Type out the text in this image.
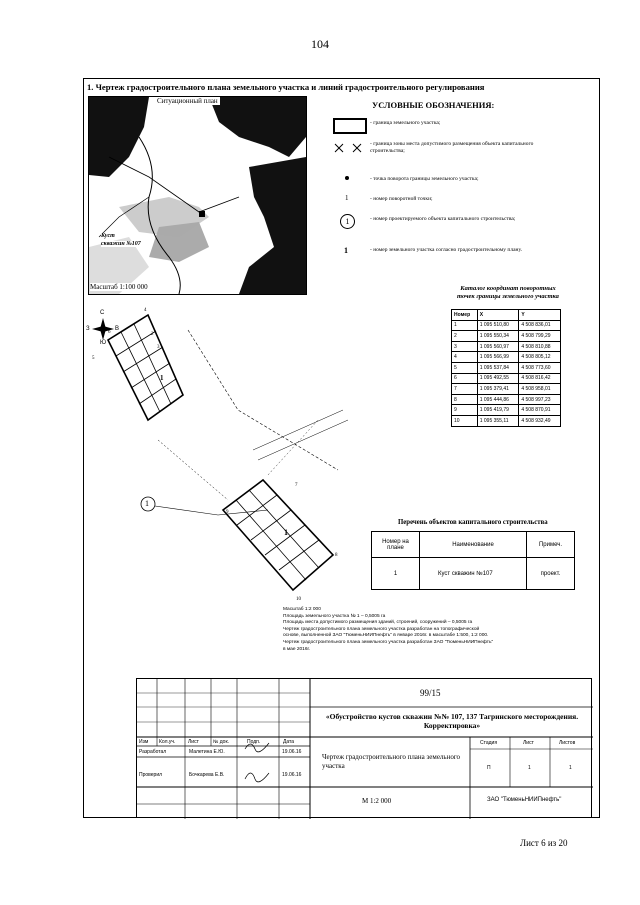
104
1. Чертеж градостроительного плана земельного участка и линий градостроительного регулирования
Ситуационный план
Куст
скважин №107
Масштаб 1:100 000
УСЛОВНЫЕ ОБОЗНАЧЕНИЯ:
- граница земельного участка;
- граница зоны места допустимого размещения объекта капитального строительства;
- точка поворота границы земельного участка;
1	- номер поворотной точки;
1	- номер проектируемого объекта капитального строительства;
1	- номер земельного участка согласно градостроительному плану.
Каталог координат поворотных
точек границы земельного участка
Номер	X	Y
1	1 095 510,80	4 508 836,01
2	1 095 550,34	4 508 799,29
3	1 095 560,97	4 508 810,88
4	1 095 566,99	4 508 805,12
5	1 095 537,84	4 508 773,60
6	1 095 492,55	4 508 816,42
7	1 095 379,41	4 508 958,01
8	1 095 444,86	4 508 997,23
9	1 095 419,79	4 508 870,91
10	1 095 355,11	4 508 932,49
С
Ю
З	В
4
2
3
5
6
7
8
9
10
1
1
1
Перечень объектов капитального строительства
Номер на плане	Наименование	Примеч.
1	Куст скважин №107	проект.
Масштаб 1:2 000
Площадь земельного участка № 1 – 0,5005 га
Площадь места допустимого размещения зданий, строений, сооружений – 0,5005 га
Чертеж градостроительного плана земельного участка разработан на топографической
основе, выполненной ЗАО "ТюменьНИИПнефть" в январе 2016г. в масштабе 1:500, 1:2 000.
Чертеж градостроительного плана земельного участка разработан ЗАО "ТюменьНИИПнефть"
в мае 2016г.
99/15
«Обустройство кустов скважин №№ 107, 137 Тагринского месторождения. Корректировка»
Изм Кол.уч.	Лист	№ док.	Подп.	Дата
Разработал	Малетина Е.Ю.	19.06.16
Проверил	Бочкарева Е.В.	19.06.16
Чертеж градостроительного плана земельного участка
Стадия	Лист	Листов
П	1	1
М 1:2 000	ЗАО "ТюменьНИИПнефть"
Лист 6 из 20
